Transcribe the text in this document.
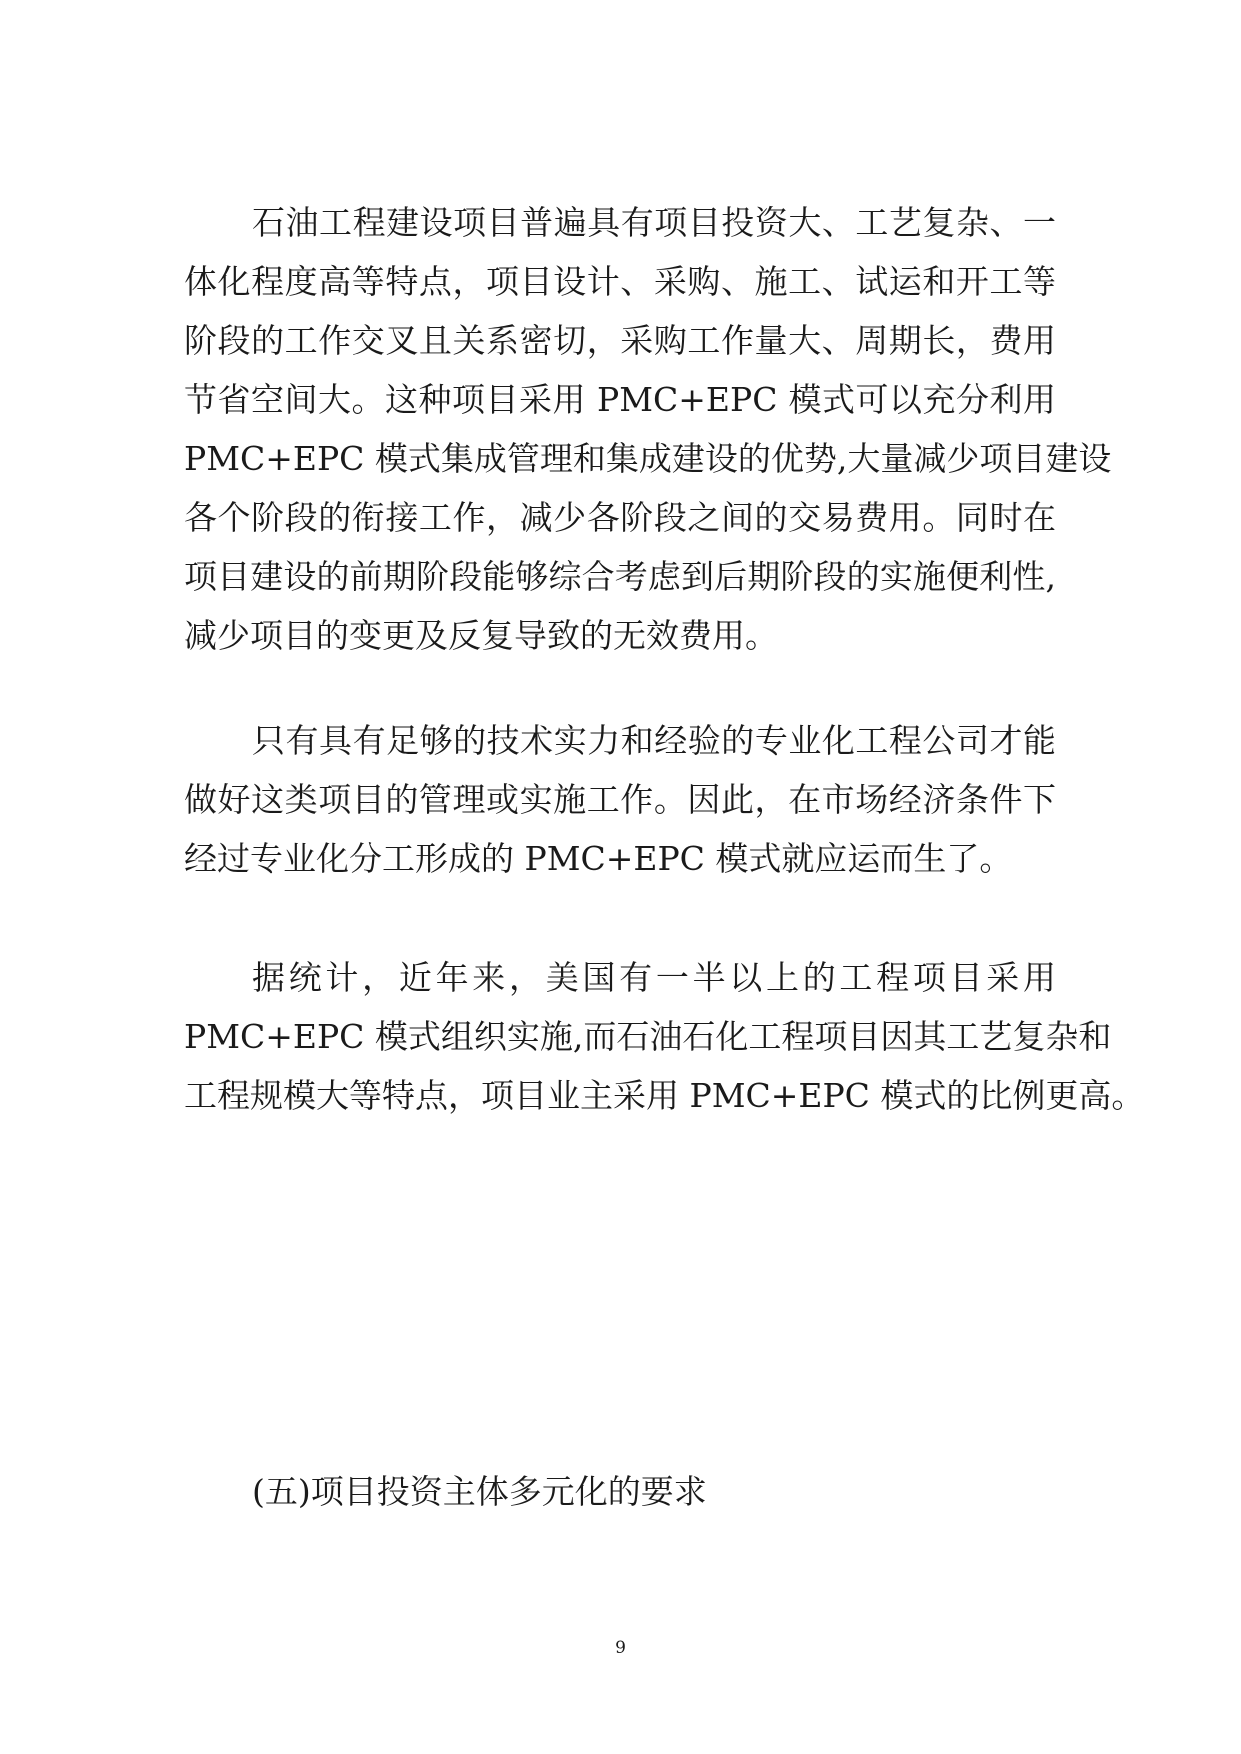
石油工程建设项目普遍具有项目投资大、工艺复杂、一
体化程度高等特点，项目设计、采购、施工、试运和开工等
阶段的工作交叉且关系密切，采购工作量大、周期长，费用
节省空间大。这种项目采用 PMC+EPC 模式可以充分利用
PMC+EPC 模式集成管理和集成建设的优势,大量减少项目建设
各个阶段的衔接工作，减少各阶段之间的交易费用。同时在
项目建设的前期阶段能够综合考虑到后期阶段的实施便利性,
减少项目的变更及反复导致的无效费用。
只有具有足够的技术实力和经验的专业化工程公司才能
做好这类项目的管理或实施工作。因此，在市场经济条件下
经过专业化分工形成的 PMC+EPC 模式就应运而生了。
据统计，近年来，美国有一半以上的工程项目采用
PMC+EPC 模式组织实施,而石油石化工程项目因其工艺复杂和
工程规模大等特点，项目业主采用 PMC+EPC 模式的比例更高。
(五)项目投资主体多元化的要求
9
